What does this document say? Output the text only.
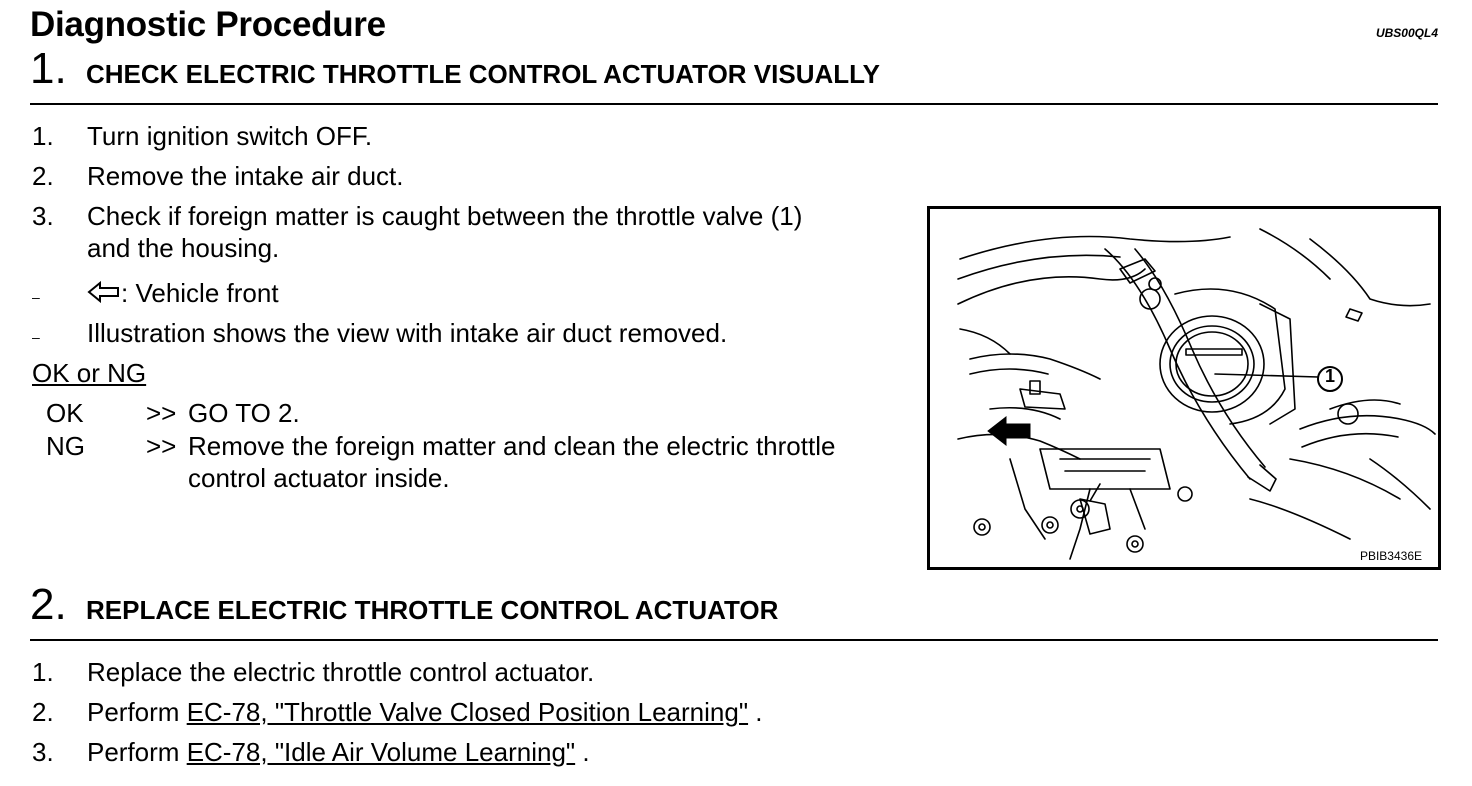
Diagnostic Procedure	UBS00QL4
1. CHECK ELECTRIC THROTTLE CONTROL ACTUATOR VISUALLY
1.	Turn ignition switch OFF.
2.	Remove the intake air duct.
3.	Check if foreign matter is caught between the throttle valve (1)
and the housing.
–	: Vehicle front
–	Illustration shows the view with intake air duct removed.
OK or NG
OK	>> GO TO 2.
NG	>> Remove the foreign matter and clean the electric throttle
control actuator inside.
1
PBIB3436E
2. REPLACE ELECTRIC THROTTLE CONTROL ACTUATOR
1.	Replace the electric throttle control actuator.
2.	Perform EC-78, "Throttle Valve Closed Position Learning" .
3.	Perform EC-78, "Idle Air Volume Learning" .
